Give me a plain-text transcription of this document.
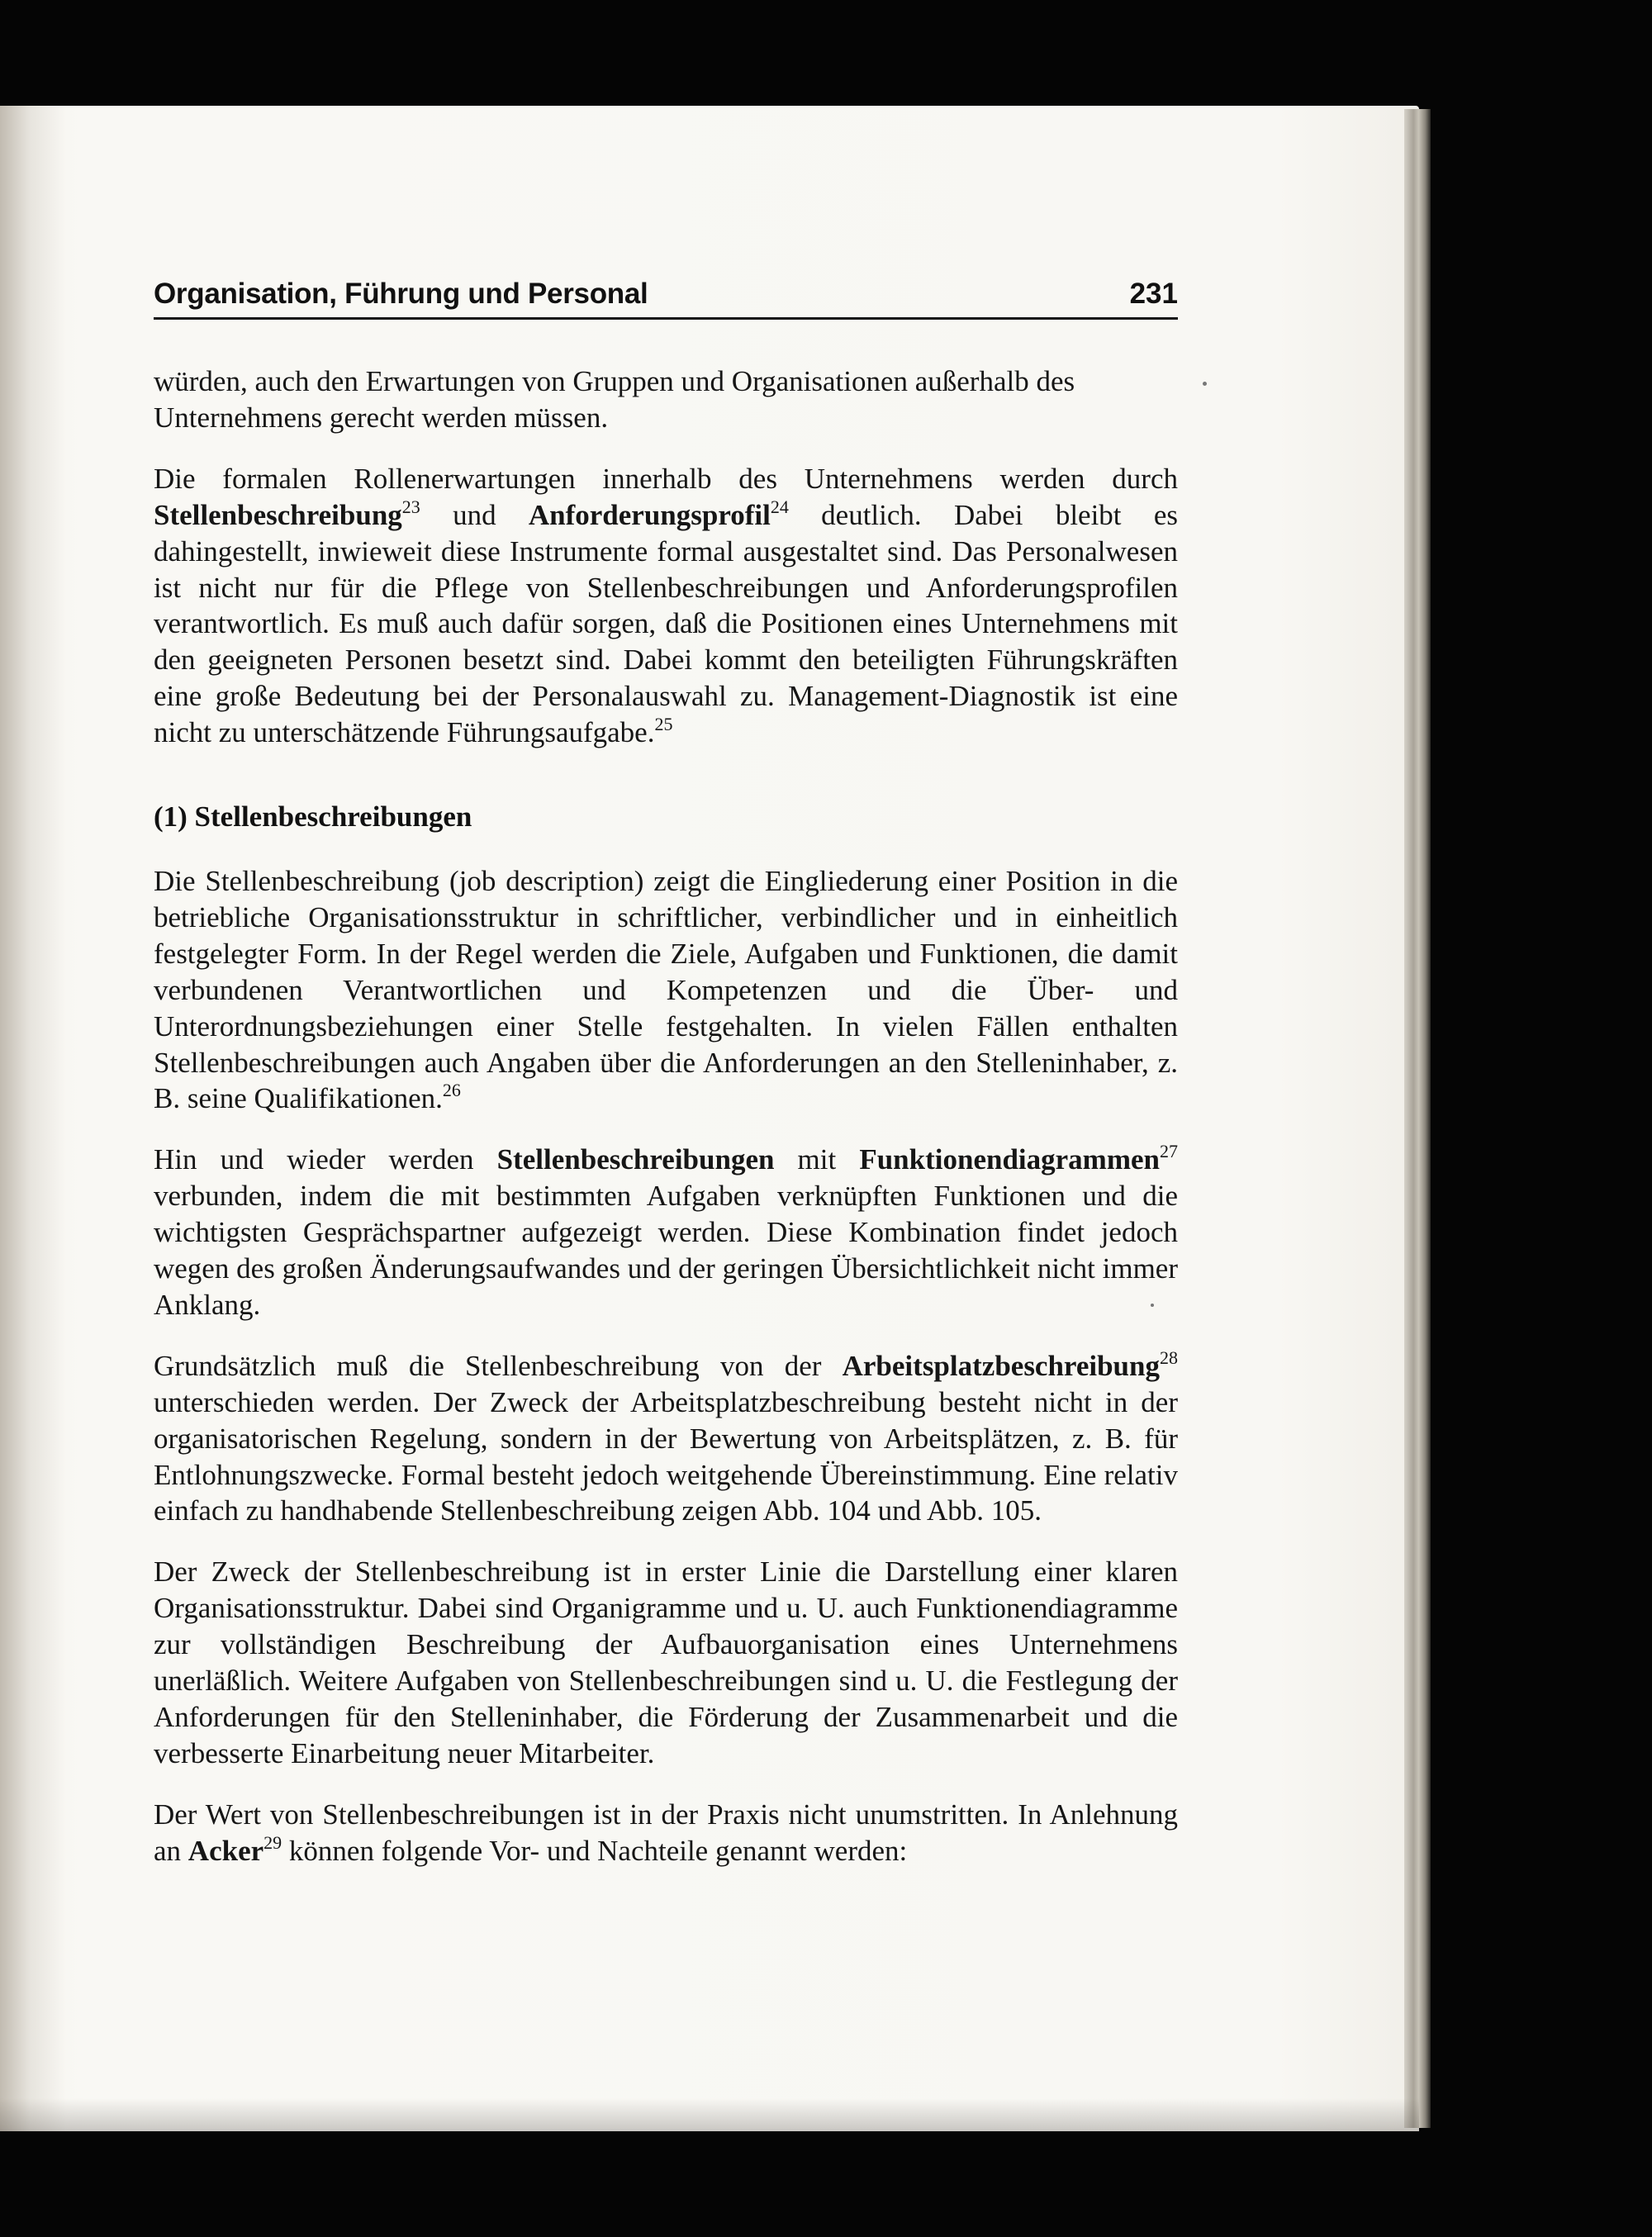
Organisation, Führung und Personal	231

würden, auch den Erwartungen von Gruppen und Organisationen außerhalb des Unternehmens gerecht werden müssen.

Die formalen Rollenerwartungen innerhalb des Unternehmens werden durch Stellenbeschreibung$^{23}$ und Anforderungsprofil$^{24}$ deutlich. Dabei bleibt es dahingestellt, inwieweit diese Instrumente formal ausgestaltet sind. Das Personalwesen ist nicht nur für die Pflege von Stellenbeschreibungen und Anforderungsprofilen verantwortlich. Es muß auch dafür sorgen, daß die Positionen eines Unternehmens mit den geeigneten Personen besetzt sind. Dabei kommt den beteiligten Führungskräften eine große Bedeutung bei der Personalauswahl zu. Management-Diagnostik ist eine nicht zu unterschätzende Führungsaufgabe.$^{25}$

(1) Stellenbeschreibungen

Die Stellenbeschreibung (job description) zeigt die Eingliederung einer Position in die betriebliche Organisationsstruktur in schriftlicher, verbindlicher und in einheitlich festgelegter Form. In der Regel werden die Ziele, Aufgaben und Funktionen, die damit verbundenen Verantwortlichen und Kompetenzen und die Über- und Unterordnungsbeziehungen einer Stelle festgehalten. In vielen Fällen enthalten Stellenbeschreibungen auch Angaben über die Anforderungen an den Stelleninhaber, z. B. seine Qualifikationen.$^{26}$

Hin und wieder werden Stellenbeschreibungen mit Funktionendiagrammen$^{27}$ verbunden, indem die mit bestimmten Aufgaben verknüpften Funktionen und die wichtigsten Gesprächspartner aufgezeigt werden. Diese Kombination findet jedoch wegen des großen Änderungsaufwandes und der geringen Übersichtlichkeit nicht immer Anklang.

Grundsätzlich muß die Stellenbeschreibung von der Arbeitsplatzbeschreibung$^{28}$ unterschieden werden. Der Zweck der Arbeitsplatzbeschreibung besteht nicht in der organisatorischen Regelung, sondern in der Bewertung von Arbeitsplätzen, z. B. für Entlohnungszwecke. Formal besteht jedoch weitgehende Übereinstimmung. Eine relativ einfach zu handhabende Stellenbeschreibung zeigen Abb. 104 und Abb. 105.

Der Zweck der Stellenbeschreibung ist in erster Linie die Darstellung einer klaren Organisationsstruktur. Dabei sind Organigramme und u. U. auch Funktionendiagramme zur vollständigen Beschreibung der Aufbauorganisation eines Unternehmens unerläßlich. Weitere Aufgaben von Stellenbeschreibungen sind u. U. die Festlegung der Anforderungen für den Stelleninhaber, die Förderung der Zusammenarbeit und die verbesserte Einarbeitung neuer Mitarbeiter.

Der Wert von Stellenbeschreibungen ist in der Praxis nicht unumstritten. In Anlehnung an Acker$^{29}$ können folgende Vor- und Nachteile genannt werden:
